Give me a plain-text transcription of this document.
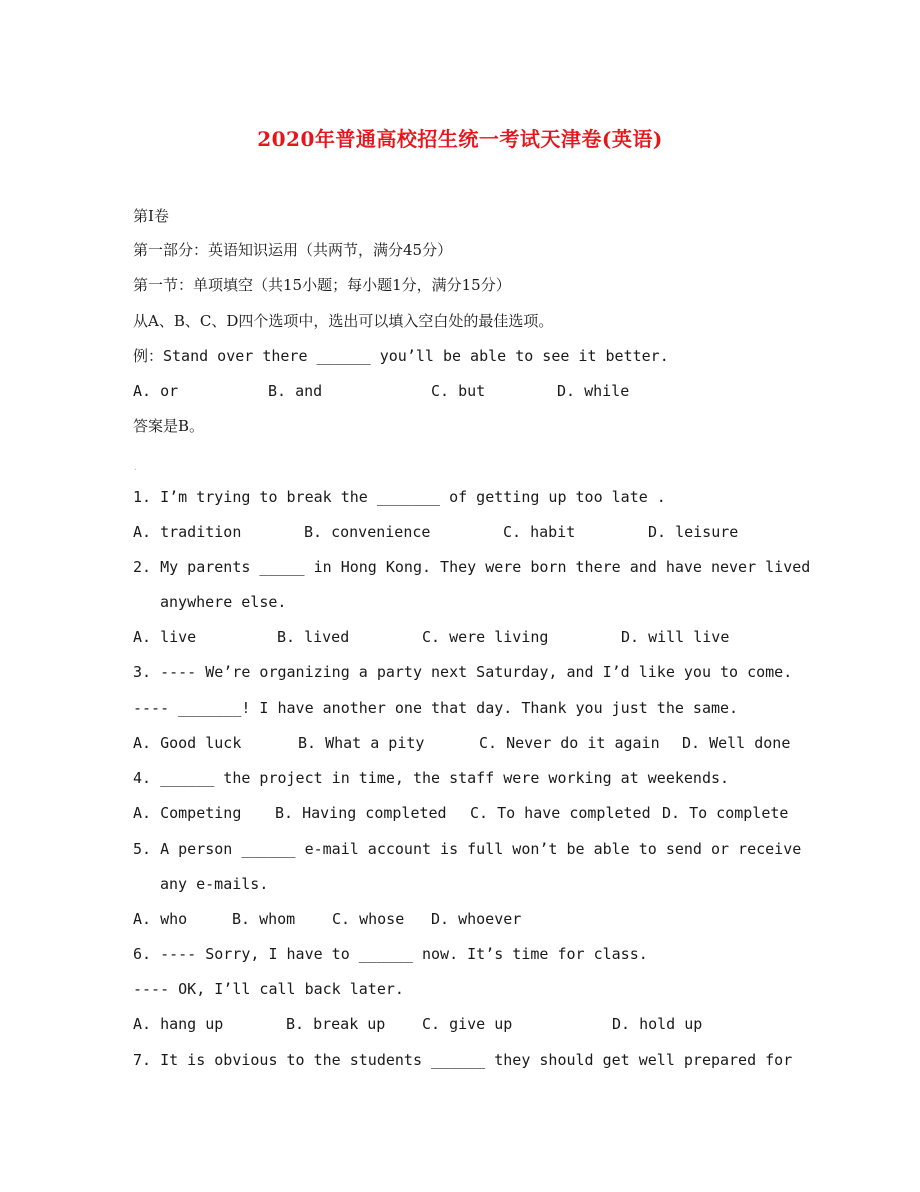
2020年普通高校招生统一考试天津卷(英语)
第I卷
第一部分：英语知识运用（共两节，满分45分）
第一节：单项填空（共15小题；每小题1分，满分15分）
从A、B、C、D四个选项中，选出可以填入空白处的最佳选项。
例：Stand over there ______ you’ll be able to see it better.
A. or	B. and	C. but	D. while
答案是B。
.
1. I’m trying to break the _______ of getting up too late .
A. tradition	B. convenience	C. habit	D. leisure
2. My parents _____ in Hong Kong. They were born there and have never lived
anywhere else.
A. live	B. lived	C. were living	D. will live
3. ---- We’re organizing a party next Saturday, and I’d like you to come.
---- _______! I have another one that day. Thank you just the same.
A. Good luck	B. What a pity	C. Never do it again D. Well done
4. ______ the project in time, the staff were working at weekends.
A. Competing B. Having completed C. To have completed D. To complete
5. A person ______ e-mail account is full won’t be able to send or receive
any e-mails.
A. who	B. whom C. whose D. whoever
6. ---- Sorry, I have to ______ now. It’s time for class.
---- OK, I’ll call back later.
A. hang up	B. break up C. give up	D. hold up
7. It is obvious to the students ______ they should get well prepared for
